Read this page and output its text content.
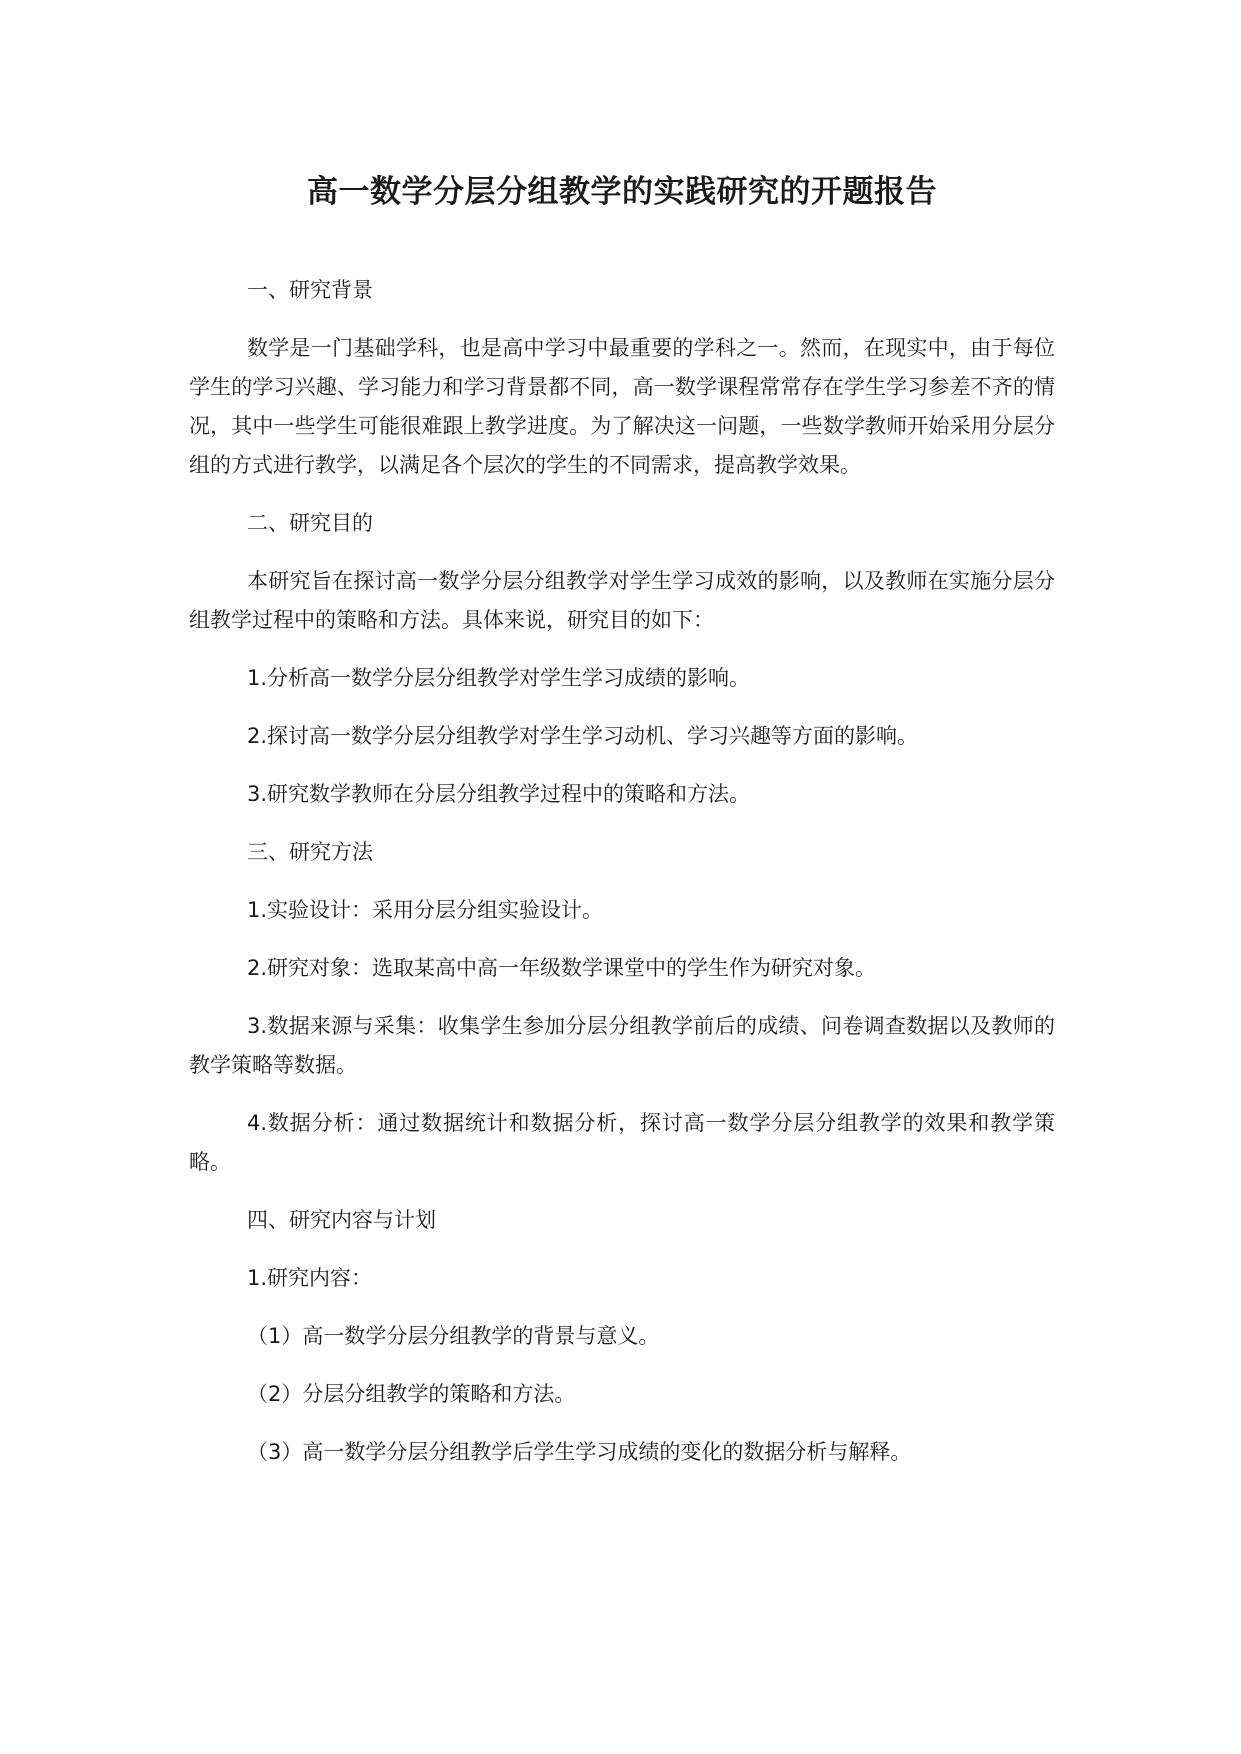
高一数学分层分组教学的实践研究的开题报告

一、研究背景

数学是一门基础学科，也是高中学习中最重要的学科之一。然而，在现实中，由于每位学生的学习兴趣、学习能力和学习背景都不同，高一数学课程常常存在学生学习参差不齐的情况，其中一些学生可能很难跟上教学进度。为了解决这一问题，一些数学教师开始采用分层分组的方式进行教学，以满足各个层次的学生的不同需求，提高教学效果。

二、研究目的

本研究旨在探讨高一数学分层分组教学对学生学习成效的影响，以及教师在实施分层分组教学过程中的策略和方法。具体来说，研究目的如下：

1.分析高一数学分层分组教学对学生学习成绩的影响。

2.探讨高一数学分层分组教学对学生学习动机、学习兴趣等方面的影响。

3.研究数学教师在分层分组教学过程中的策略和方法。

三、研究方法

1.实验设计：采用分层分组实验设计。

2.研究对象：选取某高中高一年级数学课堂中的学生作为研究对象。

3.数据来源与采集：收集学生参加分层分组教学前后的成绩、问卷调查数据以及教师的教学策略等数据。

4.数据分析：通过数据统计和数据分析，探讨高一数学分层分组教学的效果和教学策略。

四、研究内容与计划

1.研究内容：

（1）高一数学分层分组教学的背景与意义。

（2）分层分组教学的策略和方法。

（3）高一数学分层分组教学后学生学习成绩的变化的数据分析与解释。
